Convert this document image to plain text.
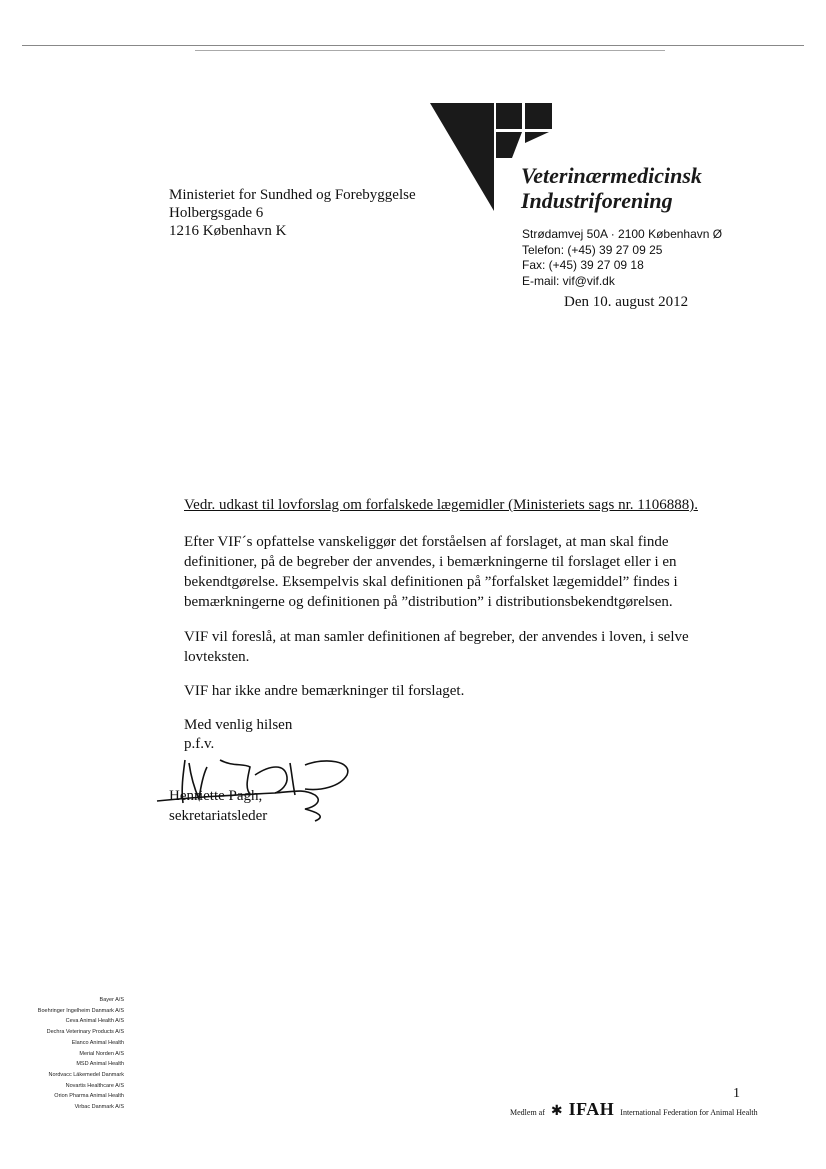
Veterinærmedicinsk
Industriforening
Ministeriet for Sundhed og Forebyggelse
Holbergsgade 6
1216 København K	Strødamvej 50A · 2100 København Ø
Telefon: (+45) 39 27 09 25
Fax: (+45) 39 27 09 18
E-mail: vif@vif.dk
Den 10. august 2012
Vedr. udkast til lovforslag om forfalskede lægemidler (Ministeriets sags nr. 1106888).
Efter VIF´s opfattelse vanskeliggør det forståelsen af forslaget, at man skal finde definitioner, på de begreber der anvendes, i bemærkningerne til forslaget eller i en bekendtgørelse. Eksempelvis skal definitionen på ”forfalsket lægemiddel” findes i bemærkningerne og definitionen på ”distribution” i distributionsbekendtgørelsen.
VIF vil foreslå, at man samler definitionen af begreber, der anvendes i loven, i selve lovteksten.
VIF har ikke andre bemærkninger til forslaget.
Med venlig hilsen
p.f.v.
Henriette Pagh,
sekretariatsleder
Bayer A/S
Boehringer Ingelheim Danmark A/S
Ceva Animal Health A/S
Dechra Veterinary Products A/S
Elanco Animal Health
Merial Norden A/S
MSD Animal Health
Nordvacc Läkemedel Danmark
Novartis Healthcare A/S
Orion Pharma Animal Health
Virbac Danmark A/S
1
Medlem af ✱ IFAH International Federation for Animal Health
